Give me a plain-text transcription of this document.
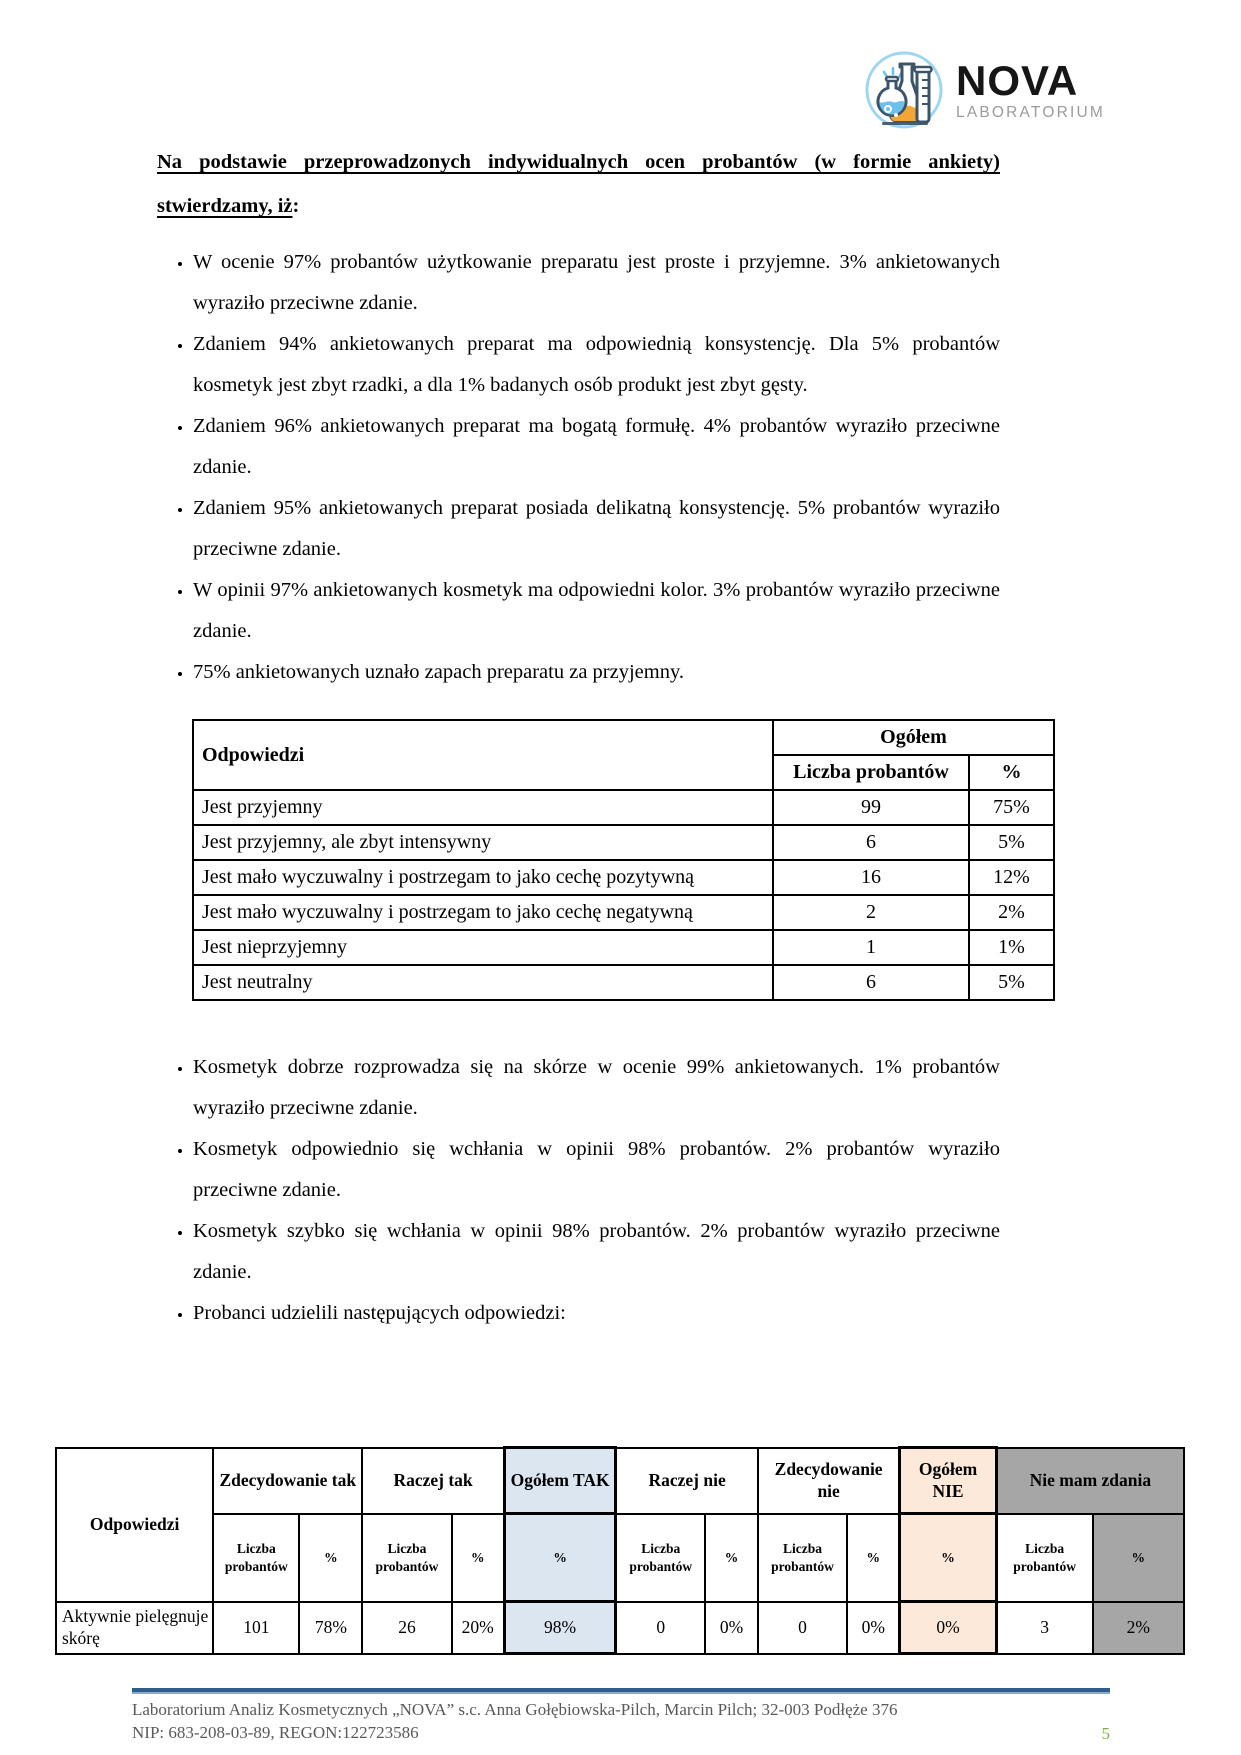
NOVA
LABORATORIUM
Na podstawie przeprowadzonych indywidualnych ocen probantów (w formie ankiety)
stwierdzamy, iż:
• W ocenie 97% probantów użytkowanie preparatu jest proste i przyjemne. 3% ankietowanych wyraziło przeciwne zdanie.
• Zdaniem 94% ankietowanych preparat ma odpowiednią konsystencję. Dla 5% probantów kosmetyk jest zbyt rzadki, a dla 1% badanych osób produkt jest zbyt gęsty.
• Zdaniem 96% ankietowanych preparat ma bogatą formułę. 4% probantów wyraziło przeciwne zdanie.
• Zdaniem 95% ankietowanych preparat posiada delikatną konsystencję. 5% probantów wyraziło przeciwne zdanie.
• W opinii 97% ankietowanych kosmetyk ma odpowiedni kolor. 3% probantów wyraziło przeciwne zdanie.
• 75% ankietowanych uznało zapach preparatu za przyjemny.
Odpowiedzi	Ogółem	
	Liczba probantów	%
Jest przyjemny	99	75%
Jest przyjemny, ale zbyt intensywny	6	5%
Jest mało wyczuwalny i postrzegam to jako cechę pozytywną	16	12%
Jest mało wyczuwalny i postrzegam to jako cechę negatywną	2	2%
Jest nieprzyjemny	1	1%
Jest neutralny	6	5%
• Kosmetyk dobrze rozprowadza się na skórze w ocenie 99% ankietowanych. 1% probantów wyraziło przeciwne zdanie.
• Kosmetyk odpowiednio się wchłania w opinii 98% probantów. 2% probantów wyraziło przeciwne zdanie.
• Kosmetyk szybko się wchłania w opinii 98% probantów. 2% probantów wyraziło przeciwne zdanie.
• Probanci udzielili następujących odpowiedzi:
Odpowiedzi	Zdecydowanie tak		Raczej tak		Ogółem TAK	Raczej nie		Zdecydowanie nie		Ogółem NIE	Nie mam zdania	
	Liczba probantów	%	Liczba probantów	%	%	Liczba probantów	%	Liczba probantów	%	%	Liczba probantów	%
Aktywnie pielęgnuje skórę	101	78%	26	20%	98%	0	0%	0	0%	0%	3	2%
Laboratorium Analiz Kosmetycznych „NOVA” s.c. Anna Gołębiowska-Pilch, Marcin Pilch; 32-003 Podłęże 376
NIP: 683-208-03-89, REGON:122723586	5
